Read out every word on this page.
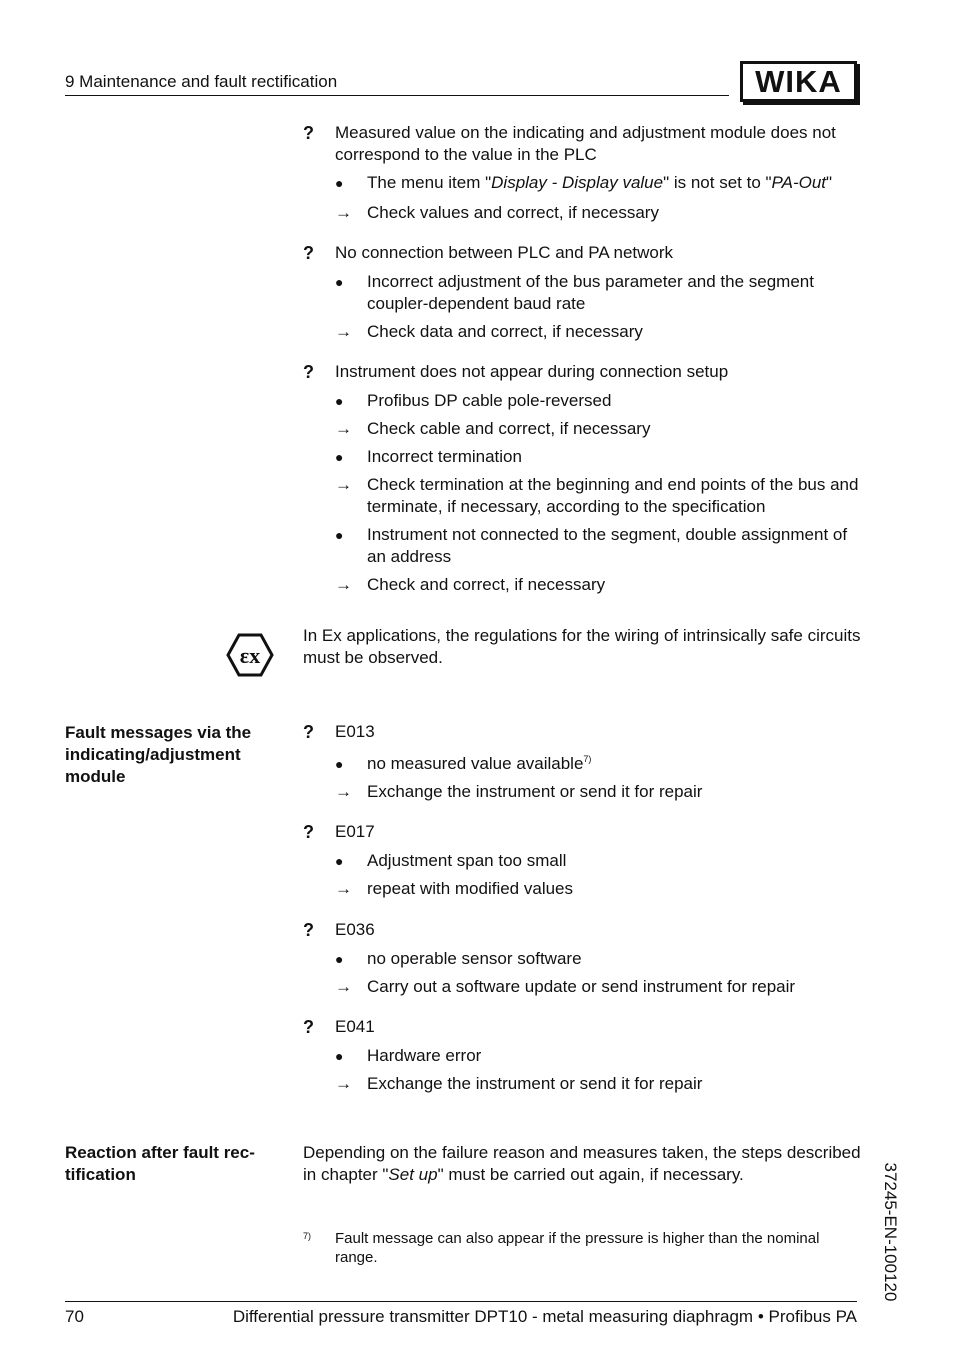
9 Maintenance and fault rectification	WIKA
? Measured value on the indicating and adjustment module does not correspond to the value in the PLC
●	The menu item "Display - Display value" is not set to "PA-Out"
→ Check values and correct, if necessary
? No connection between PLC and PA network
●	Incorrect adjustment of the bus parameter and the segment coupler-dependent baud rate
→ Check data and correct, if necessary
? Instrument does not appear during connection setup
●	Profibus DP cable pole-reversed
→ Check cable and correct, if necessary
●	Incorrect termination
→ Check termination at the beginning and end points of the bus and terminate, if necessary, according to the specification
●	Instrument not connected to the segment, double assignment of an address
→ Check and correct, if necessary
εx
In Ex applications, the regulations for the wiring of intrinsically safe circuits must be observed.
Fault messages via the indicating/adjustment module
? E013
●	no measured value available$^{7)}$
→ Exchange the instrument or send it for repair
? E017
●	Adjustment span too small
→ repeat with modified values
? E036
●	no operable sensor software
→ Carry out a software update or send instrument for repair
? E041
●	Hardware error
→ Exchange the instrument or send it for repair
Reaction after fault rec- tification
Depending on the failure reason and measures taken, the steps described in chapter "Set up" must be carried out again, if necessary.
7) Fault message can also appear if the pressure is higher than the nominal range.	37245-EN-100120
70	Differential pressure transmitter DPT10 - metal measuring diaphragm • Profibus PA
